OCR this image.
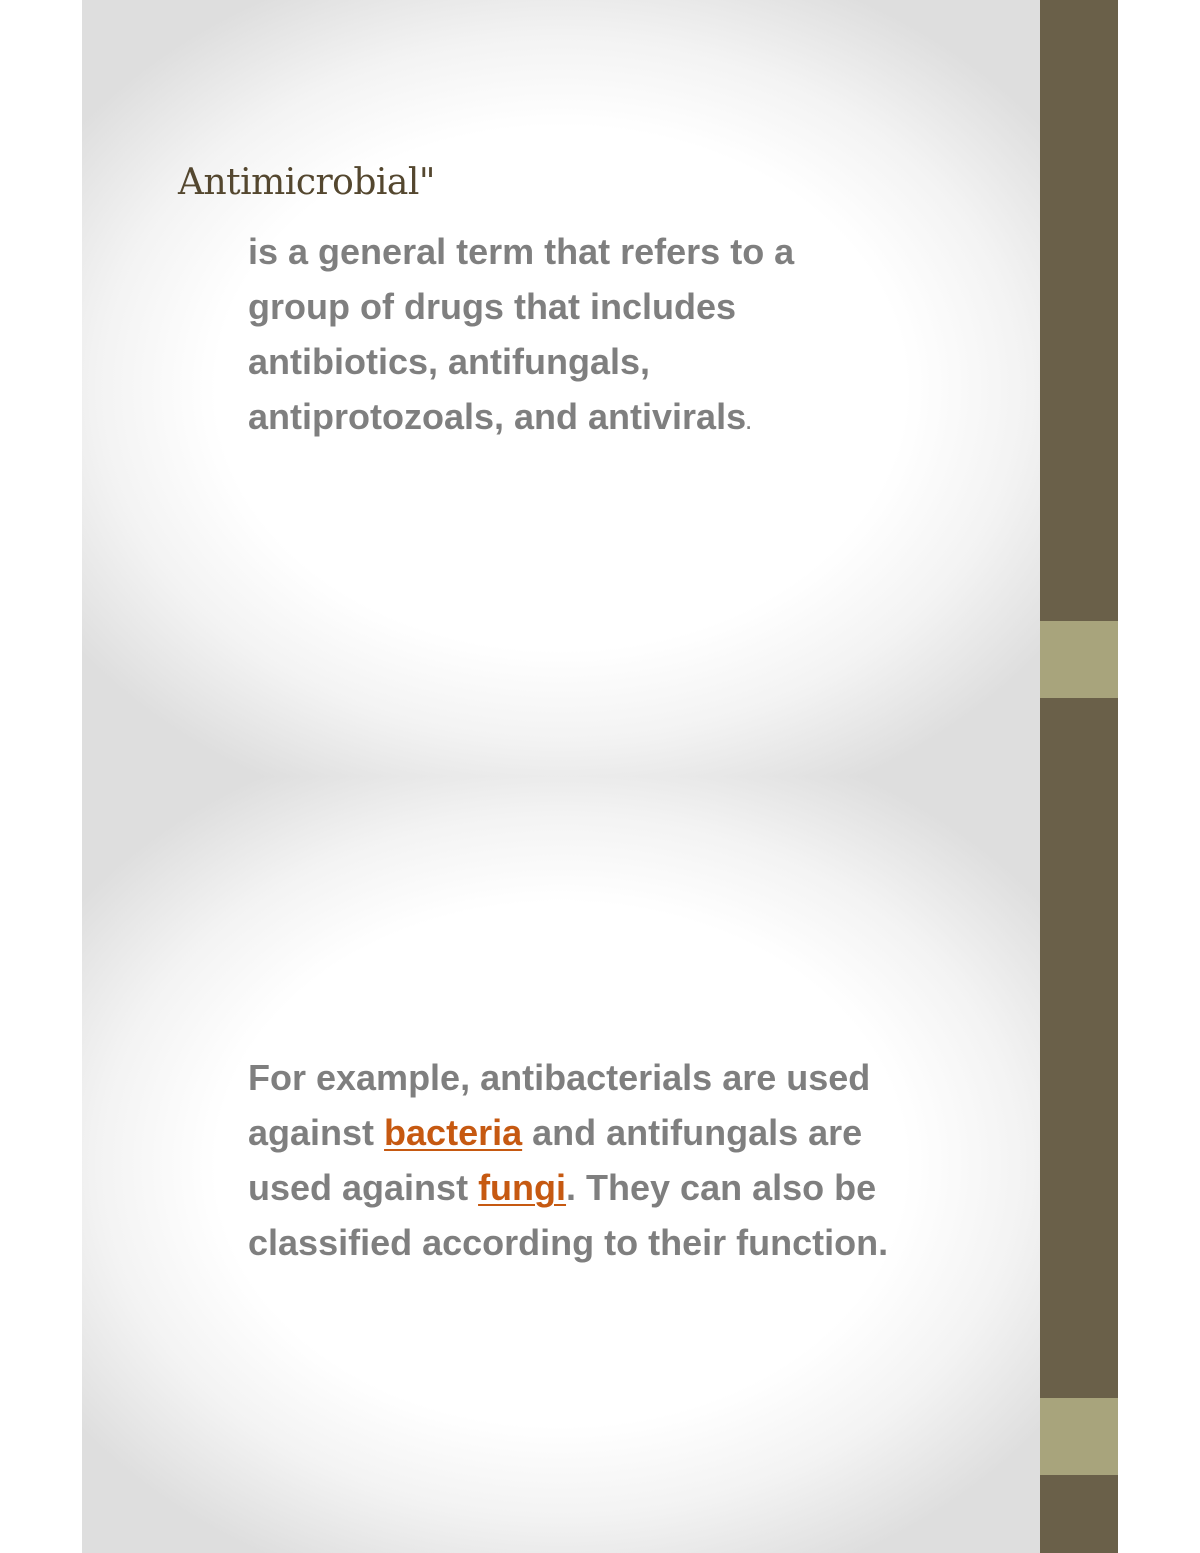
Antimicrobial"

is a general term that refers to a group of drugs that includes antibiotics, antifungals, antiprotozoals, and antivirals.

For example, antibacterials are used against bacteria and antifungals are used against fungi. They can also be classified according to their function.
